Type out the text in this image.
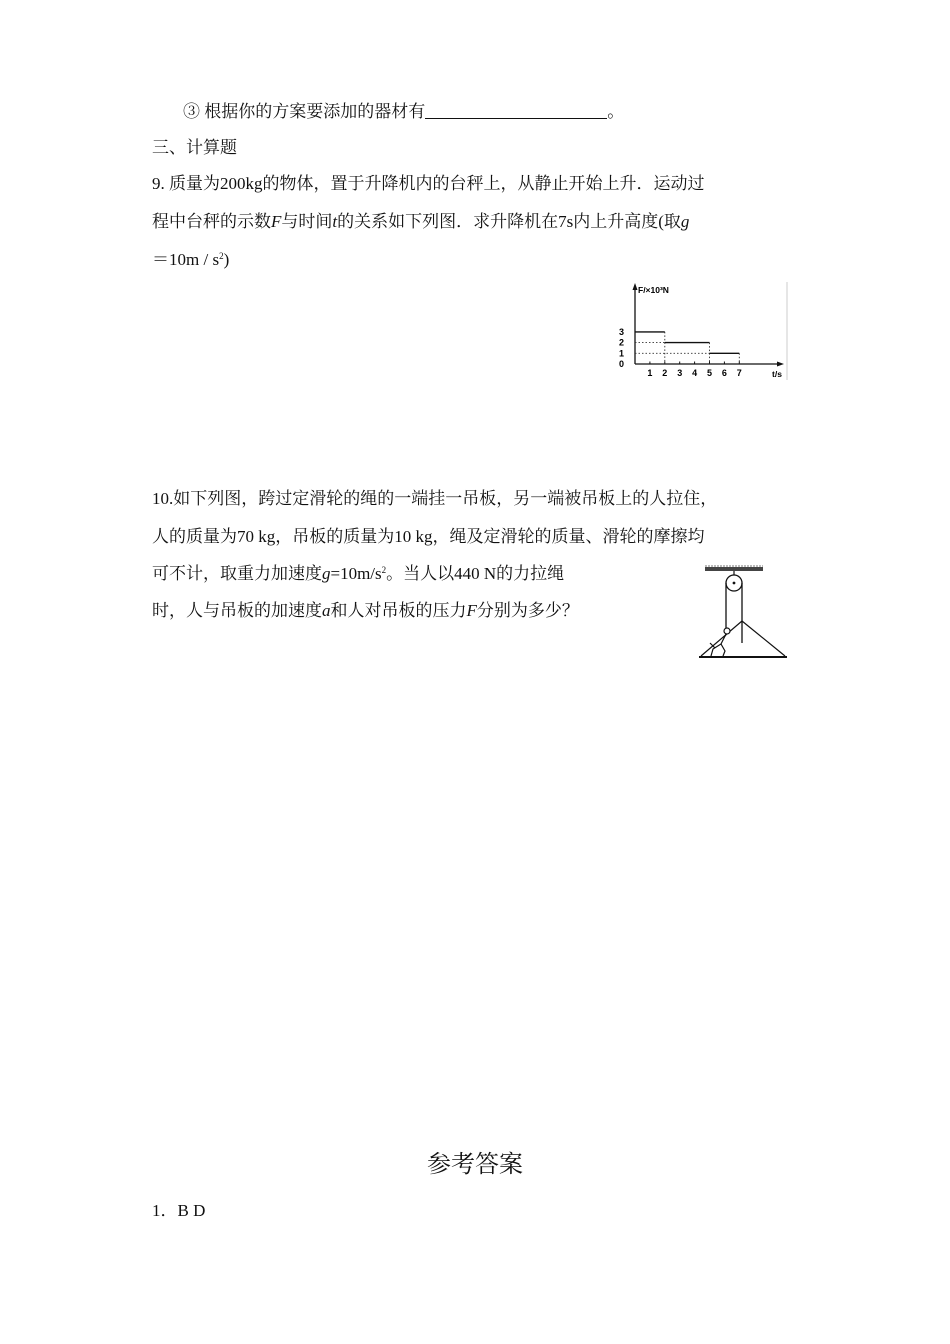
③ 根据你的方案要添加的器材有	。
三、计算题
9. 质量为200kg的物体，置于升降机内的台秤上，从静止开始上升．运动过
程中台秤的示数F与时间t的关系如下列图．求升降机在7s内上升高度(取g
$=10m / s^2$)
F/×10³N
t/s
3
2
1
0
1 2 3 4 5 6 7
10.如下列图，跨过定滑轮的绳的一端挂一吊板，另一端被吊板上的人拉住，
人的质量为70 kg，吊板的质量为10 kg，绳及定滑轮的质量、滑轮的摩擦均
可不计，取重力加速度$g=10m/s^2$。当人以440 N的力拉绳
时，人与吊板的加速度a和人对吊板的压力F分别为多少？
参考答案
1．B D
